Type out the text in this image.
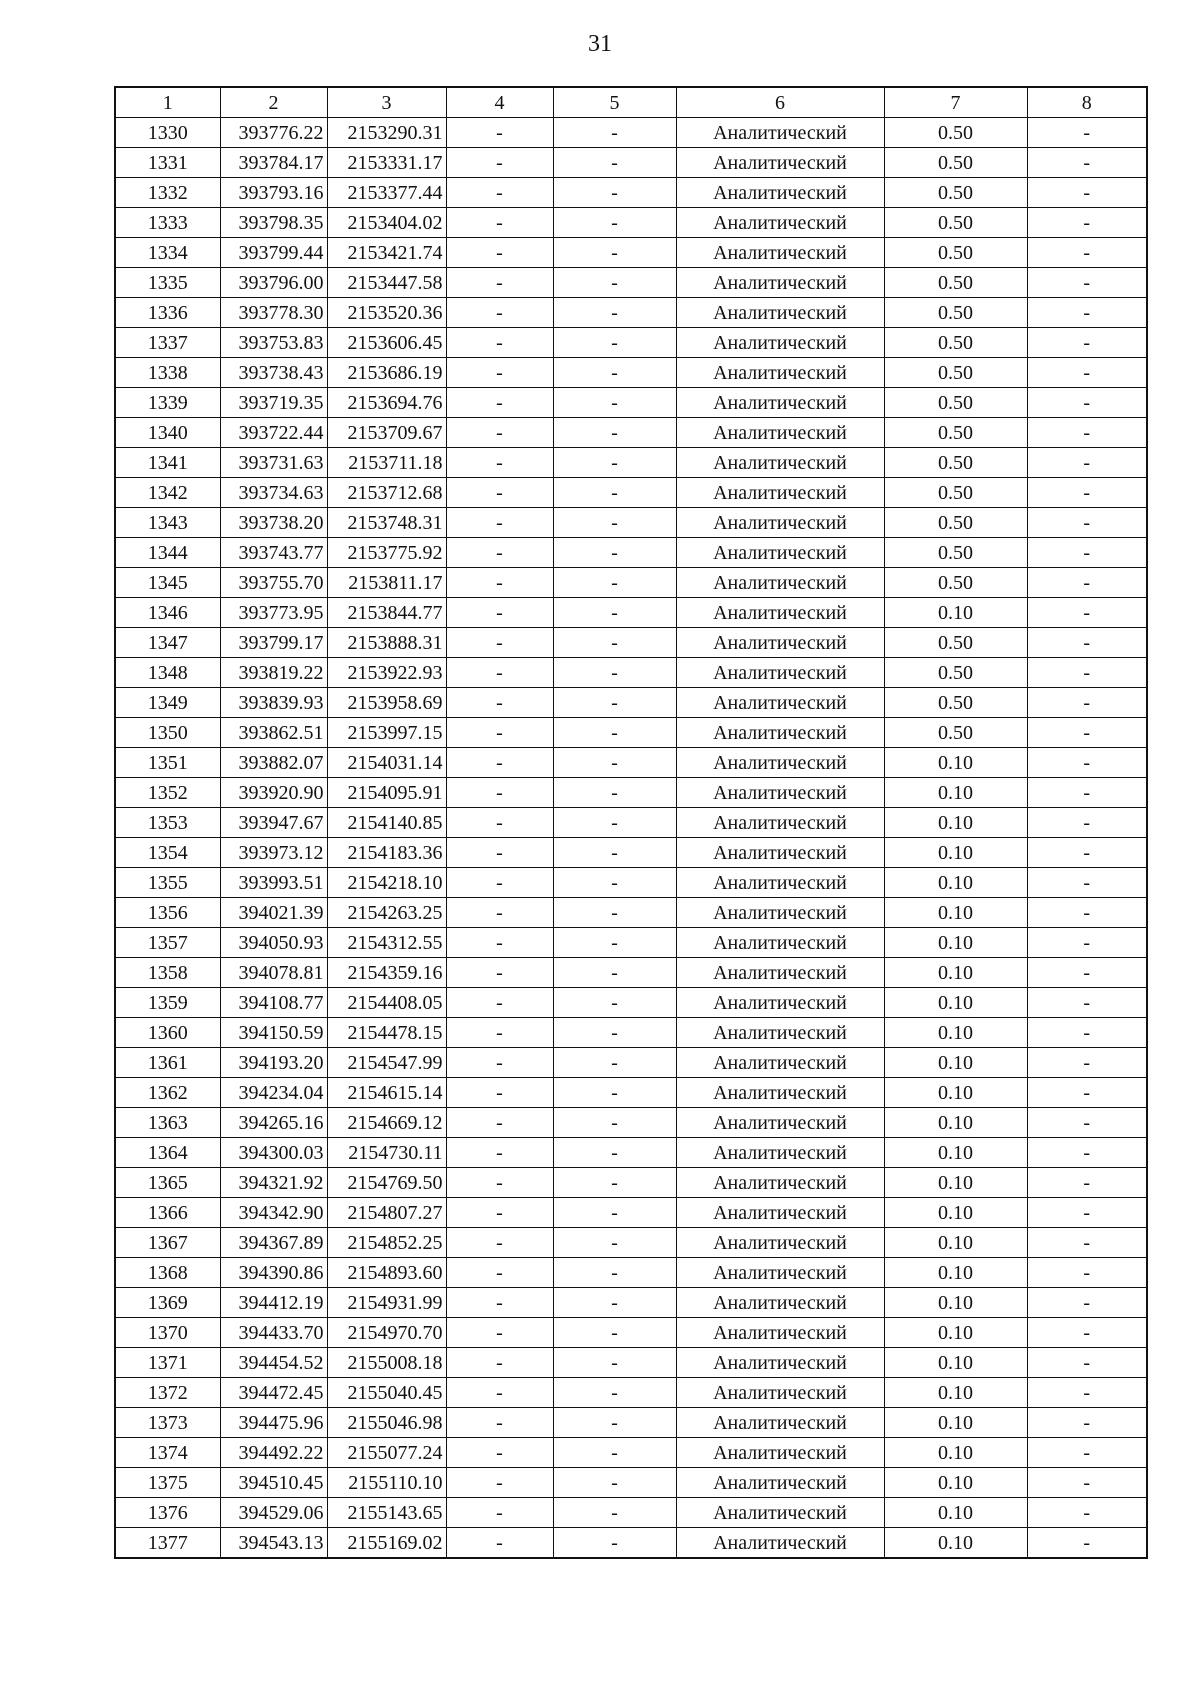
31
1	2	3	4	5	6	7	8
1330	393776.22	2153290.31	-	-	Аналитический	0.50	-
1331	393784.17	2153331.17	-	-	Аналитический	0.50	-
1332	393793.16	2153377.44	-	-	Аналитический	0.50	-
1333	393798.35	2153404.02	-	-	Аналитический	0.50	-
1334	393799.44	2153421.74	-	-	Аналитический	0.50	-
1335	393796.00	2153447.58	-	-	Аналитический	0.50	-
1336	393778.30	2153520.36	-	-	Аналитический	0.50	-
1337	393753.83	2153606.45	-	-	Аналитический	0.50	-
1338	393738.43	2153686.19	-	-	Аналитический	0.50	-
1339	393719.35	2153694.76	-	-	Аналитический	0.50	-
1340	393722.44	2153709.67	-	-	Аналитический	0.50	-
1341	393731.63	2153711.18	-	-	Аналитический	0.50	-
1342	393734.63	2153712.68	-	-	Аналитический	0.50	-
1343	393738.20	2153748.31	-	-	Аналитический	0.50	-
1344	393743.77	2153775.92	-	-	Аналитический	0.50	-
1345	393755.70	2153811.17	-	-	Аналитический	0.50	-
1346	393773.95	2153844.77	-	-	Аналитический	0.10	-
1347	393799.17	2153888.31	-	-	Аналитический	0.50	-
1348	393819.22	2153922.93	-	-	Аналитический	0.50	-
1349	393839.93	2153958.69	-	-	Аналитический	0.50	-
1350	393862.51	2153997.15	-	-	Аналитический	0.50	-
1351	393882.07	2154031.14	-	-	Аналитический	0.10	-
1352	393920.90	2154095.91	-	-	Аналитический	0.10	-
1353	393947.67	2154140.85	-	-	Аналитический	0.10	-
1354	393973.12	2154183.36	-	-	Аналитический	0.10	-
1355	393993.51	2154218.10	-	-	Аналитический	0.10	-
1356	394021.39	2154263.25	-	-	Аналитический	0.10	-
1357	394050.93	2154312.55	-	-	Аналитический	0.10	-
1358	394078.81	2154359.16	-	-	Аналитический	0.10	-
1359	394108.77	2154408.05	-	-	Аналитический	0.10	-
1360	394150.59	2154478.15	-	-	Аналитический	0.10	-
1361	394193.20	2154547.99	-	-	Аналитический	0.10	-
1362	394234.04	2154615.14	-	-	Аналитический	0.10	-
1363	394265.16	2154669.12	-	-	Аналитический	0.10	-
1364	394300.03	2154730.11	-	-	Аналитический	0.10	-
1365	394321.92	2154769.50	-	-	Аналитический	0.10	-
1366	394342.90	2154807.27	-	-	Аналитический	0.10	-
1367	394367.89	2154852.25	-	-	Аналитический	0.10	-
1368	394390.86	2154893.60	-	-	Аналитический	0.10	-
1369	394412.19	2154931.99	-	-	Аналитический	0.10	-
1370	394433.70	2154970.70	-	-	Аналитический	0.10	-
1371	394454.52	2155008.18	-	-	Аналитический	0.10	-
1372	394472.45	2155040.45	-	-	Аналитический	0.10	-
1373	394475.96	2155046.98	-	-	Аналитический	0.10	-
1374	394492.22	2155077.24	-	-	Аналитический	0.10	-
1375	394510.45	2155110.10	-	-	Аналитический	0.10	-
1376	394529.06	2155143.65	-	-	Аналитический	0.10	-
1377	394543.13	2155169.02	-	-	Аналитический	0.10	-
